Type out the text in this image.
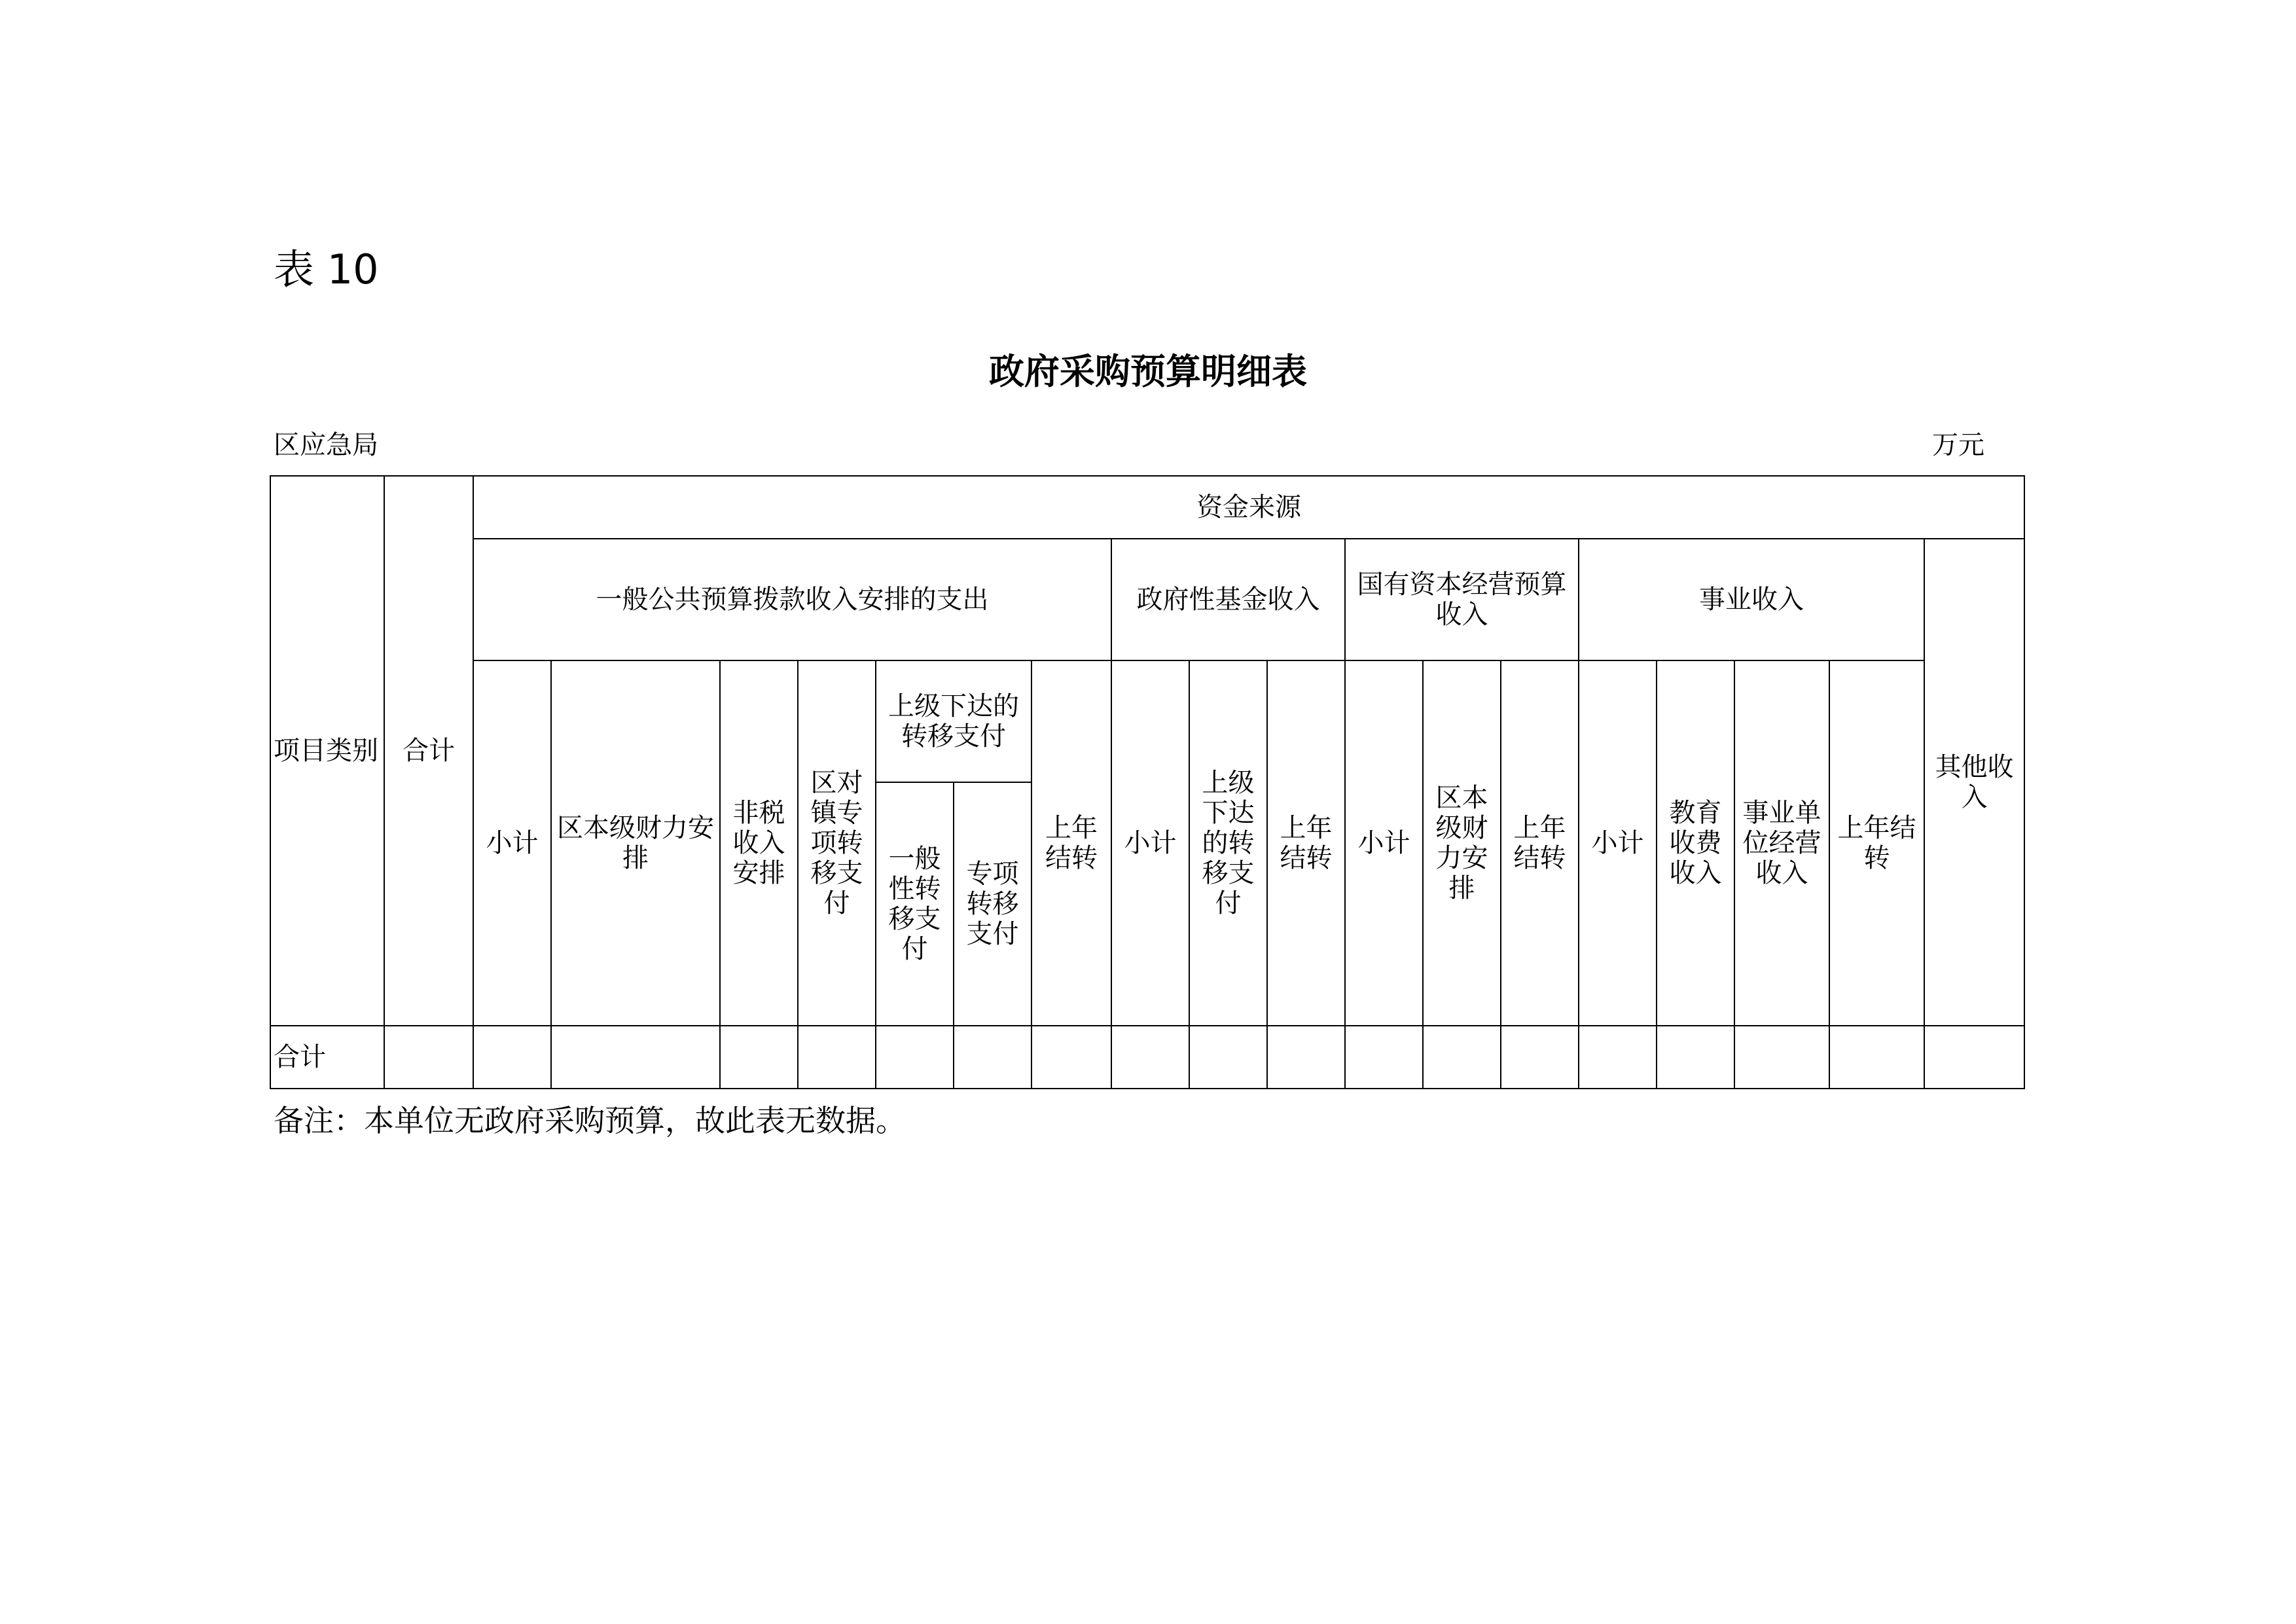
表 10
政府采购预算明细表
区应急局	万元
项目类别	合计	资金来源																	
		一般公共预算拨款收入安排的支出							政府性基金收入			国有资本经营预算收入			事业收入				其他收入
		小计	区本级财力安排	非税收入安排	区对镇专项转移支付	上级下达的转移支付		上年结转	小计	上级下达的转移支付	上年结转	小计	区本级财力安排	上年结转	小计	教育收费收入	事业单位经营收入	上年结转	
						一般性转移支付	专项转移支付												

合计																			
备注：本单位无政府采购预算，故此表无数据。
